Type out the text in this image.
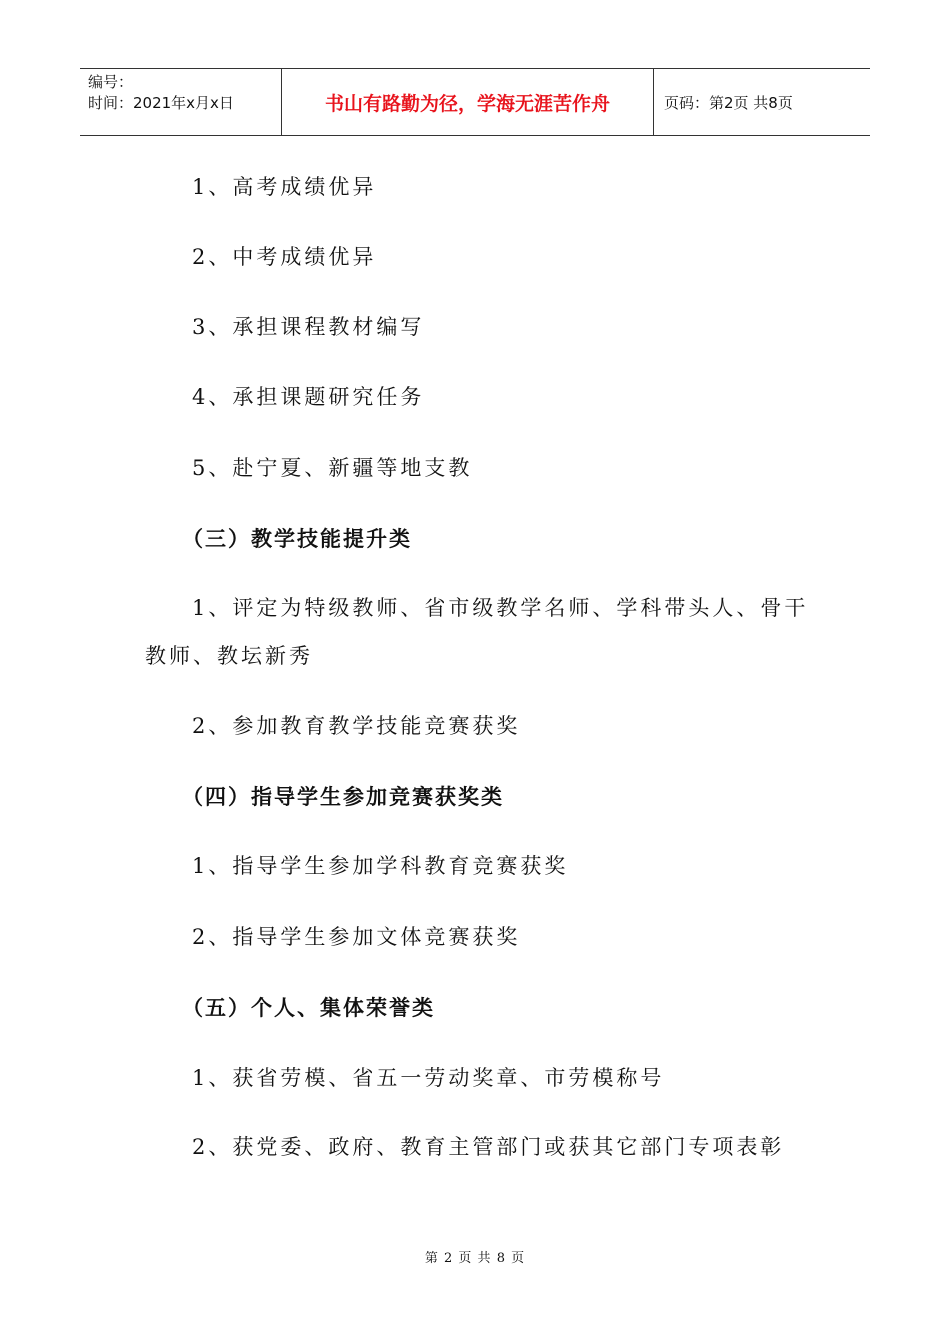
编号：
时间：2021年x月x日	书山有路勤为径，学海无涯苦作舟	页码：第2页 共8页
1、高考成绩优异
2、中考成绩优异
3、承担课程教材编写
4、承担课题研究任务
5、赴宁夏、新疆等地支教
（三）教学技能提升类
1、评定为特级教师、省市级教学名师、学科带头人、骨干
教师、教坛新秀
2、参加教育教学技能竞赛获奖
（四）指导学生参加竞赛获奖类
1、指导学生参加学科教育竞赛获奖
2、指导学生参加文体竞赛获奖
（五）个人、集体荣誉类
1、获省劳模、省五一劳动奖章、市劳模称号
2、获党委、政府、教育主管部门或获其它部门专项表彰
第 2 页 共 8 页
